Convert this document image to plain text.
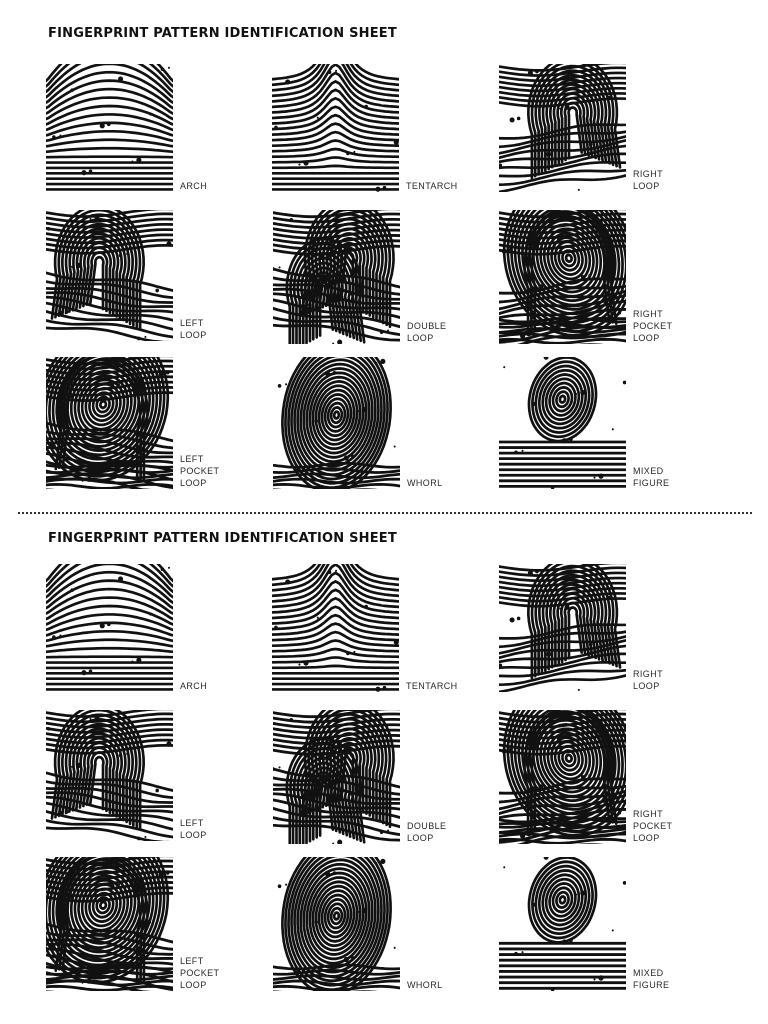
FINGERPRINT PATTERN IDENTIFICATION SHEET
ARCH	TENTARCH
RIGHT
LOOP
LEFT
LOOP
DOUBLE
LOOP
RIGHT
POCKET
LOOP
LEFT
POCKET
LOOP	WHORL
MIXED
FIGURE
FINGERPRINT PATTERN IDENTIFICATION SHEET
ARCH	TENTARCH
RIGHT
LOOP
LEFT
LOOP
DOUBLE
LOOP
RIGHT
POCKET
LOOP
LEFT
POCKET
LOOP	WHORL
MIXED
FIGURE
